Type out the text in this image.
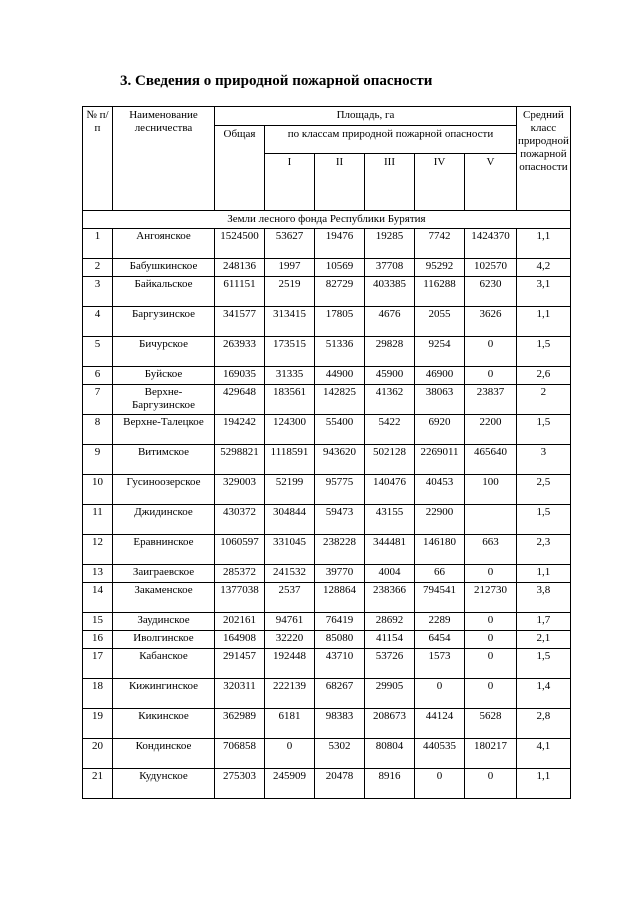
3. Сведения о природной пожарной опасности
№ п/п	Наименование лесничества	Площадь, га						Средний класс природной пожарной опасности
		Общая	по классам природной пожарной опасности					
			I	II	III	IV	V	
Земли лесного фонда Республики Бурятия								
1	Ангоянское	1524500	53627	19476	19285	7742	1424370	1,1
2	Бабушкинское	248136	1997	10569	37708	95292	102570	4,2
3	Байкальское	611151	2519	82729	403385	116288	6230	3,1
4	Баргузинское	341577	313415	17805	4676	2055	3626	1,1
5	Бичурское	263933	173515	51336	29828	9254	0	1,5
6	Буйское	169035	31335	44900	45900	46900	0	2,6
7	Верхне-Баргузинское	429648	183561	142825	41362	38063	23837	2
8	Верхне-Талецкое	194242	124300	55400	5422	6920	2200	1,5
9	Витимское	5298821	1118591	943620	502128	2269011	465640	3
10	Гусиноозерское	329003	52199	95775	140476	40453	100	2,5
11	Джидинское	430372	304844	59473	43155	22900		1,5
12	Еравнинское	1060597	331045	238228	344481	146180	663	2,3
13	Заиграевское	285372	241532	39770	4004	66	0	1,1
14	Закаменское	1377038	2537	128864	238366	794541	212730	3,8
15	Заудинское	202161	94761	76419	28692	2289	0	1,7
16	Иволгинское	164908	32220	85080	41154	6454	0	2,1
17	Кабанское	291457	192448	43710	53726	1573	0	1,5
18	Кижингинское	320311	222139	68267	29905	0	0	1,4
19	Кикинское	362989	6181	98383	208673	44124	5628	2,8
20	Кондинское	706858	0	5302	80804	440535	180217	4,1
21	Кудунское	275303	245909	20478	8916	0	0	1,1
